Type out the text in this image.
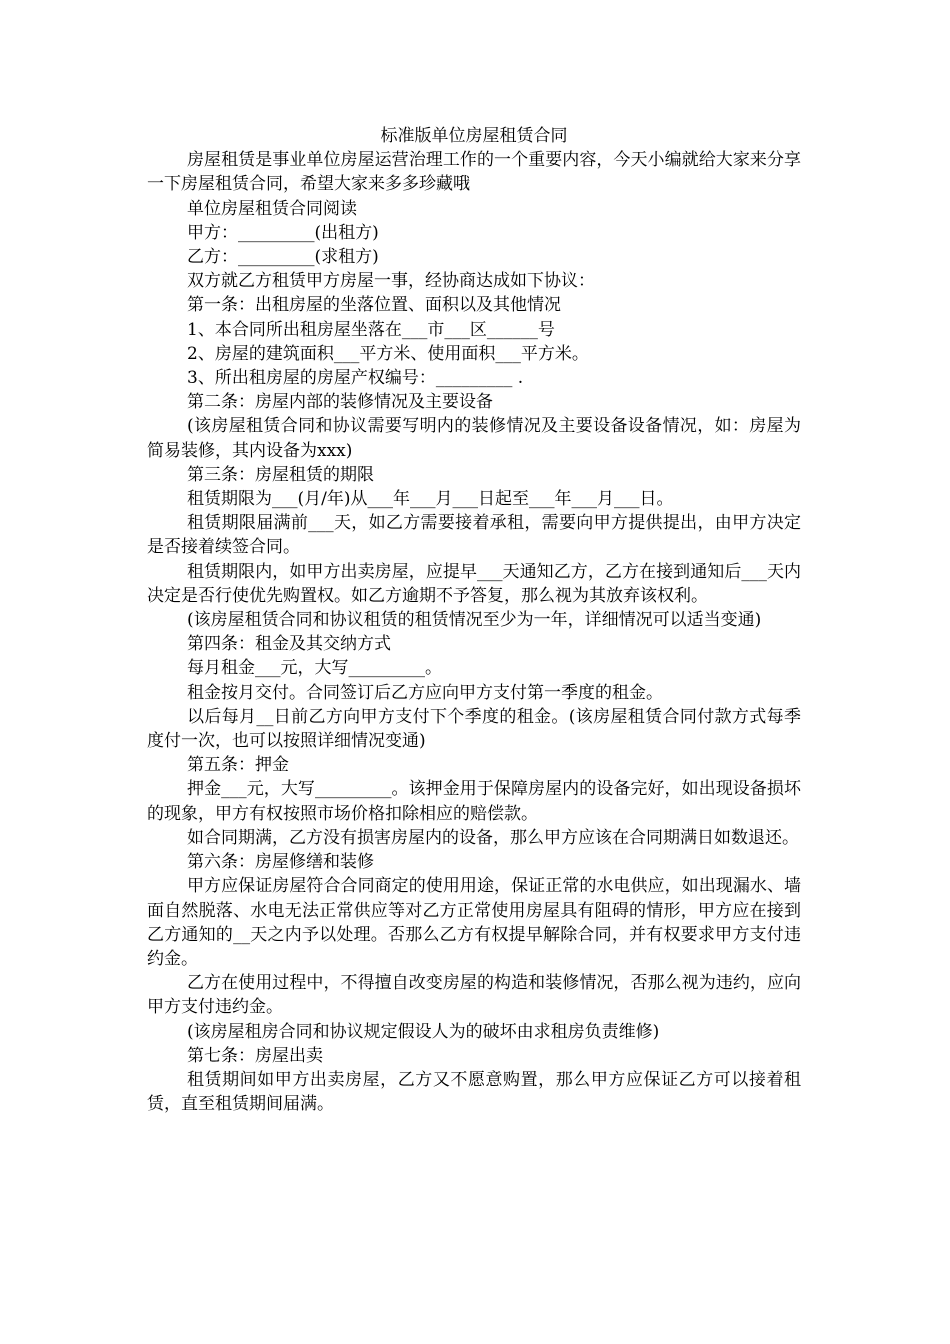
标准版单位房屋租赁合同

房屋租赁是事业单位房屋运营治理工作的一个重要内容，今天小编就给大家来分享一下房屋租赁合同，希望大家来多多珍藏哦

单位房屋租赁合同阅读

甲方：_________(出租方)

乙方：_________(求租方)

双方就乙方租赁甲方房屋一事，经协商达成如下协议：

第一条：出租房屋的坐落位置、面积以及其他情况

1、本合同所出租房屋坐落在___市___区______号

2、房屋的建筑面积___平方米、使用面积___平方米。

3、所出租房屋的房屋产权编号：_________ .

第二条：房屋内部的装修情况及主要设备

(该房屋租赁合同和协议需要写明内的装修情况及主要设备设备情况，如：房屋为简易装修，其内设备为xxx)

第三条：房屋租赁的期限

租赁期限为___(月/年)从___年___月___日起至___年___月___日。

租赁期限届满前___天，如乙方需要接着承租，需要向甲方提供提出，由甲方决定是否接着续签合同。

租赁期限内，如甲方出卖房屋，应提早___天通知乙方，乙方在接到通知后___天内决定是否行使优先购置权。如乙方逾期不予答复，那么视为其放弃该权利。

(该房屋租赁合同和协议租赁的租赁情况至少为一年，详细情况可以适当变通)

第四条：租金及其交纳方式

每月租金___元，大写_________。

租金按月交付。合同签订后乙方应向甲方支付第一季度的租金。

以后每月__日前乙方向甲方支付下个季度的租金。(该房屋租赁合同付款方式每季度付一次，也可以按照详细情况变通)

第五条：押金

押金___元，大写_________。该押金用于保障房屋内的设备完好，如出现设备损坏的现象，甲方有权按照市场价格扣除相应的赔偿款。

如合同期满，乙方没有损害房屋内的设备，那么甲方应该在合同期满日如数退还。

第六条：房屋修缮和装修

甲方应保证房屋符合合同商定的使用用途，保证正常的水电供应，如出现漏水、墙面自然脱落、水电无法正常供应等对乙方正常使用房屋具有阻碍的情形，甲方应在接到乙方通知的__天之内予以处理。否那么乙方有权提早解除合同，并有权要求甲方支付违约金。

乙方在使用过程中，不得擅自改变房屋的构造和装修情况，否那么视为违约，应向甲方支付违约金。

(该房屋租房合同和协议规定假设人为的破坏由求租房负责维修)

第七条：房屋出卖

租赁期间如甲方出卖房屋，乙方又不愿意购置，那么甲方应保证乙方可以接着租赁，直至租赁期间届满。
